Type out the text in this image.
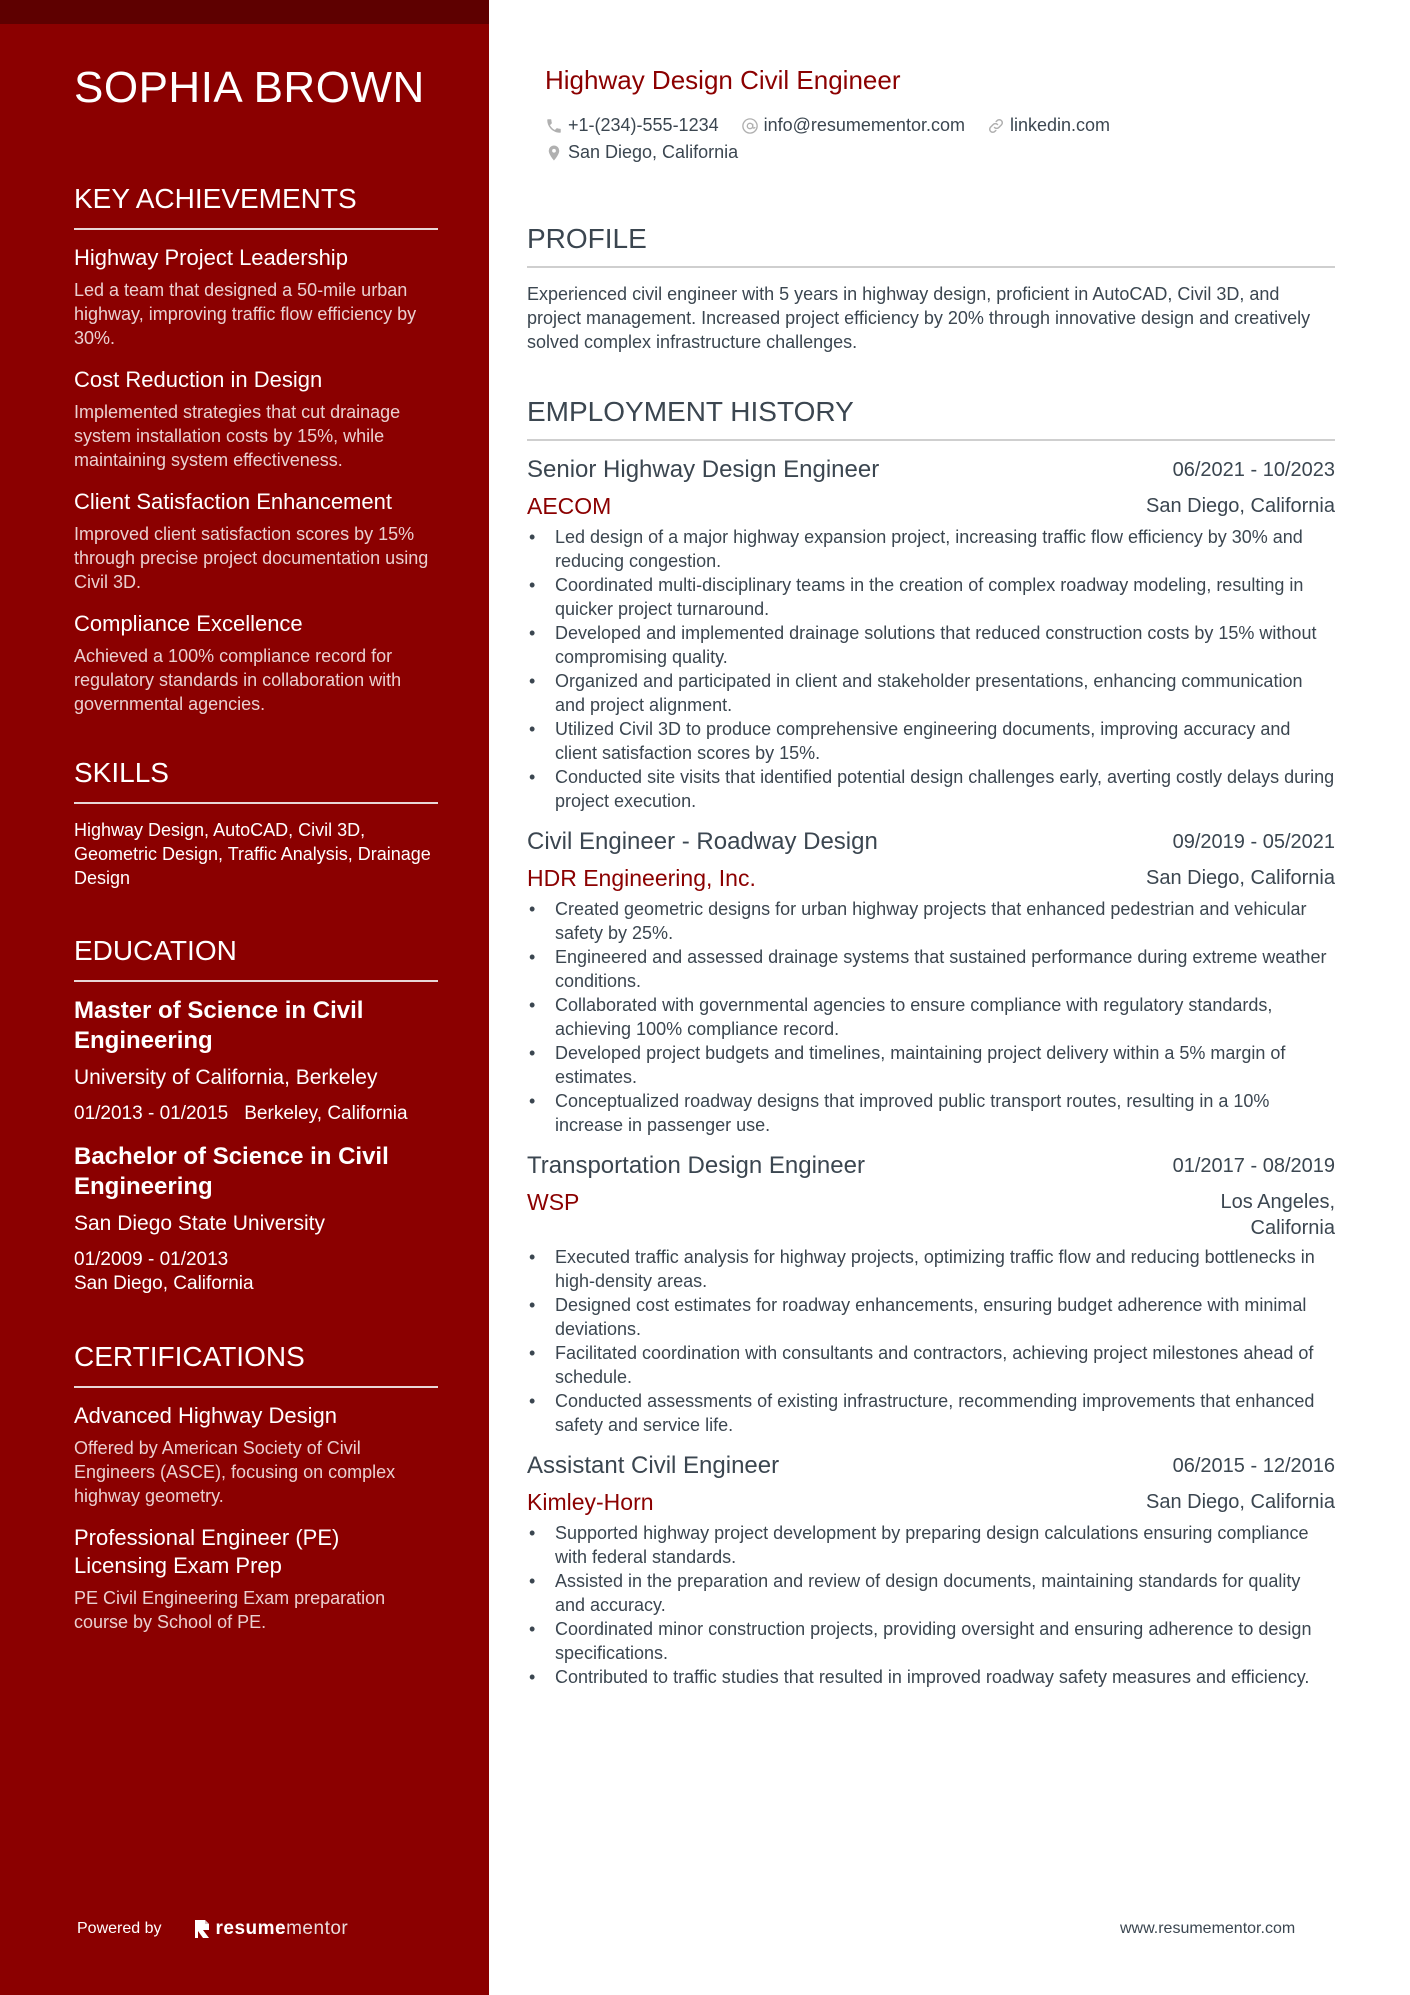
SOPHIA BROWN
KEY ACHIEVEMENTS
Highway Project Leadership
Led a team that designed a 50-mile urban highway, improving traffic flow efficiency by 30%.
Cost Reduction in Design
Implemented strategies that cut drainage system installation costs by 15%, while maintaining system effectiveness.
Client Satisfaction Enhancement
Improved client satisfaction scores by 15% through precise project documentation using Civil 3D.
Compliance Excellence
Achieved a 100% compliance record for regulatory standards in collaboration with governmental agencies.
SKILLS
Highway Design, AutoCAD, Civil 3D, Geometric Design, Traffic Analysis, Drainage Design
EDUCATION
Master of Science in Civil Engineering
University of California, Berkeley
01/2013 - 01/2015 Berkeley, California
Bachelor of Science in Civil Engineering
San Diego State University
01/2009 - 01/2013
San Diego, California
CERTIFICATIONS
Advanced Highway Design
Offered by American Society of Civil Engineers (ASCE), focusing on complex highway geometry.
Professional Engineer (PE) Licensing Exam Prep
PE Civil Engineering Exam preparation course by School of PE.
Powered by	resume mentor
Highway Design Civil Engineer
+1-(234)-555-1234	info@resumementor.com	linkedin.com
San Diego, California
PROFILE

Experienced civil engineer with 5 years in highway design, proficient in AutoCAD, Civil 3D, and project management. Increased project efficiency by 20% through innovative design and creatively solved complex infrastructure challenges.

EMPLOYMENT HISTORY
Senior Highway Design Engineer	06/2021 - 10/2023
AECOM	San Diego, California
• Led design of a major highway expansion project, increasing traffic flow efficiency by 30% and reducing congestion.
• Coordinated multi-disciplinary teams in the creation of complex roadway modeling, resulting in quicker project turnaround.
• Developed and implemented drainage solutions that reduced construction costs by 15% without compromising quality.
• Organized and participated in client and stakeholder presentations, enhancing communication and project alignment.
• Utilized Civil 3D to produce comprehensive engineering documents, improving accuracy and client satisfaction scores by 15%.
• Conducted site visits that identified potential design challenges early, averting costly delays during project execution.
Civil Engineer - Roadway Design	09/2019 - 05/2021
HDR Engineering, Inc.	San Diego, California
• Created geometric designs for urban highway projects that enhanced pedestrian and vehicular safety by 25%.
• Engineered and assessed drainage systems that sustained performance during extreme weather conditions.
• Collaborated with governmental agencies to ensure compliance with regulatory standards, achieving 100% compliance record.
• Developed project budgets and timelines, maintaining project delivery within a 5% margin of estimates.
• Conceptualized roadway designs that improved public transport routes, resulting in a 10% increase in passenger use.
Transportation Design Engineer	01/2017 - 08/2019
WSP	Los Angeles, California
• Executed traffic analysis for highway projects, optimizing traffic flow and reducing bottlenecks in high-density areas.
• Designed cost estimates for roadway enhancements, ensuring budget adherence with minimal deviations.
• Facilitated coordination with consultants and contractors, achieving project milestones ahead of schedule.
• Conducted assessments of existing infrastructure, recommending improvements that enhanced safety and service life.
Assistant Civil Engineer	06/2015 - 12/2016
Kimley-Horn	San Diego, California
• Supported highway project development by preparing design calculations ensuring compliance with federal standards.
• Assisted in the preparation and review of design documents, maintaining standards for quality and accuracy.
• Coordinated minor construction projects, providing oversight and ensuring adherence to design specifications.
• Contributed to traffic studies that resulted in improved roadway safety measures and efficiency.
www.resumementor.com
